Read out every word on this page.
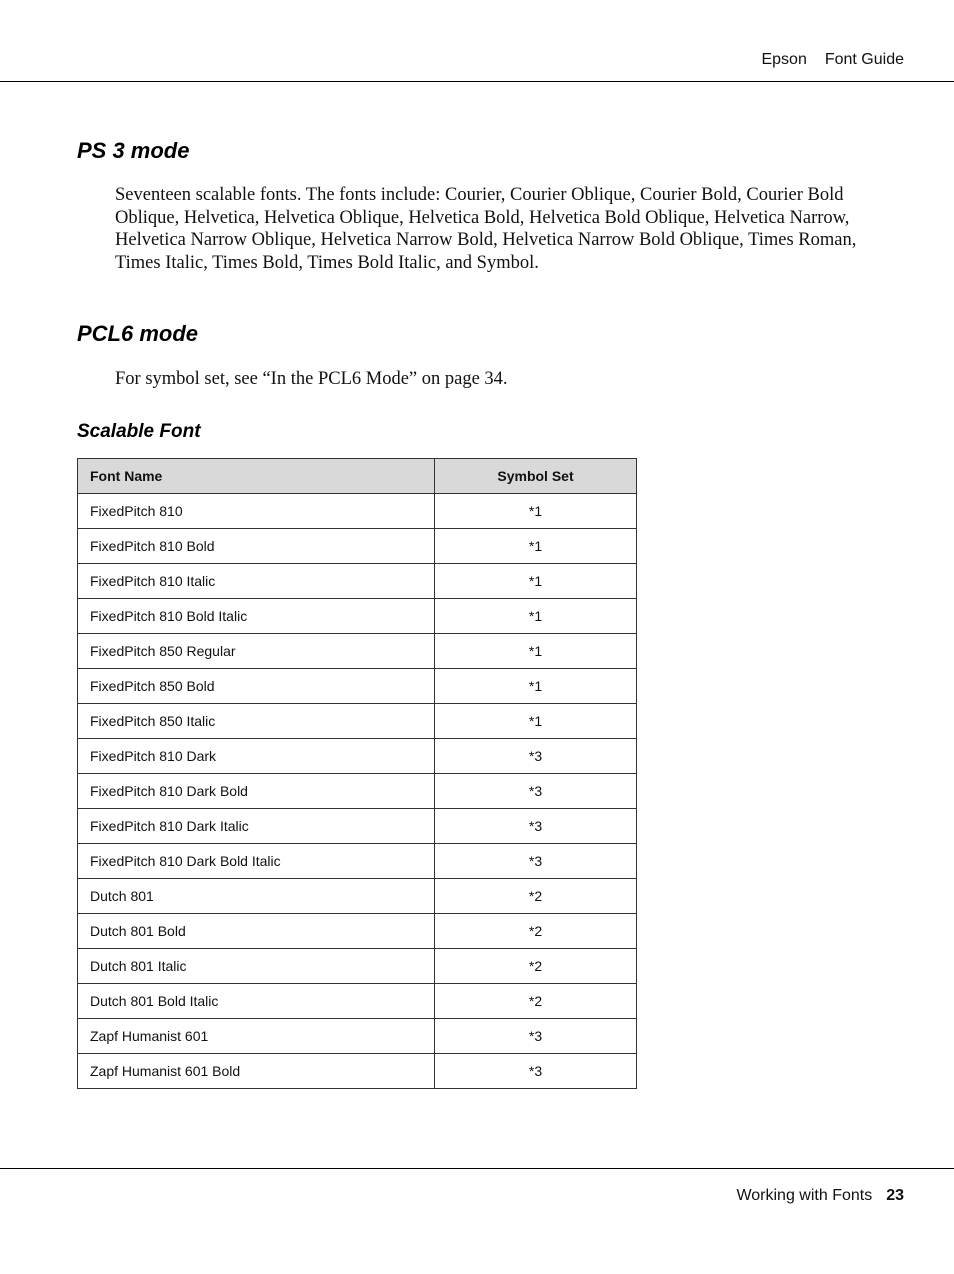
Epson Font Guide
PS 3 mode

Seventeen scalable fonts. The fonts include: Courier, Courier Oblique, Courier Bold, Courier Bold Oblique, Helvetica, Helvetica Oblique, Helvetica Bold, Helvetica Bold Oblique, Helvetica Narrow, Helvetica Narrow Oblique, Helvetica Narrow Bold, Helvetica Narrow Bold Oblique, Times Roman, Times Italic, Times Bold, Times Bold Italic, and Symbol.

PCL6 mode

For symbol set, see “In the PCL6 Mode” on page 34.

Scalable Font
Font Name	Symbol Set
FixedPitch 810	*1
FixedPitch 810 Bold	*1
FixedPitch 810 Italic	*1
FixedPitch 810 Bold Italic	*1
FixedPitch 850 Regular	*1
FixedPitch 850 Bold	*1
FixedPitch 850 Italic	*1
FixedPitch 810 Dark	*3
FixedPitch 810 Dark Bold	*3
FixedPitch 810 Dark Italic	*3
FixedPitch 810 Dark Bold Italic	*3
Dutch 801	*2
Dutch 801 Bold	*2
Dutch 801 Italic	*2
Dutch 801 Bold Italic	*2
Zapf Humanist 601	*3
Zapf Humanist 601 Bold	*3
Working with Fonts 23
